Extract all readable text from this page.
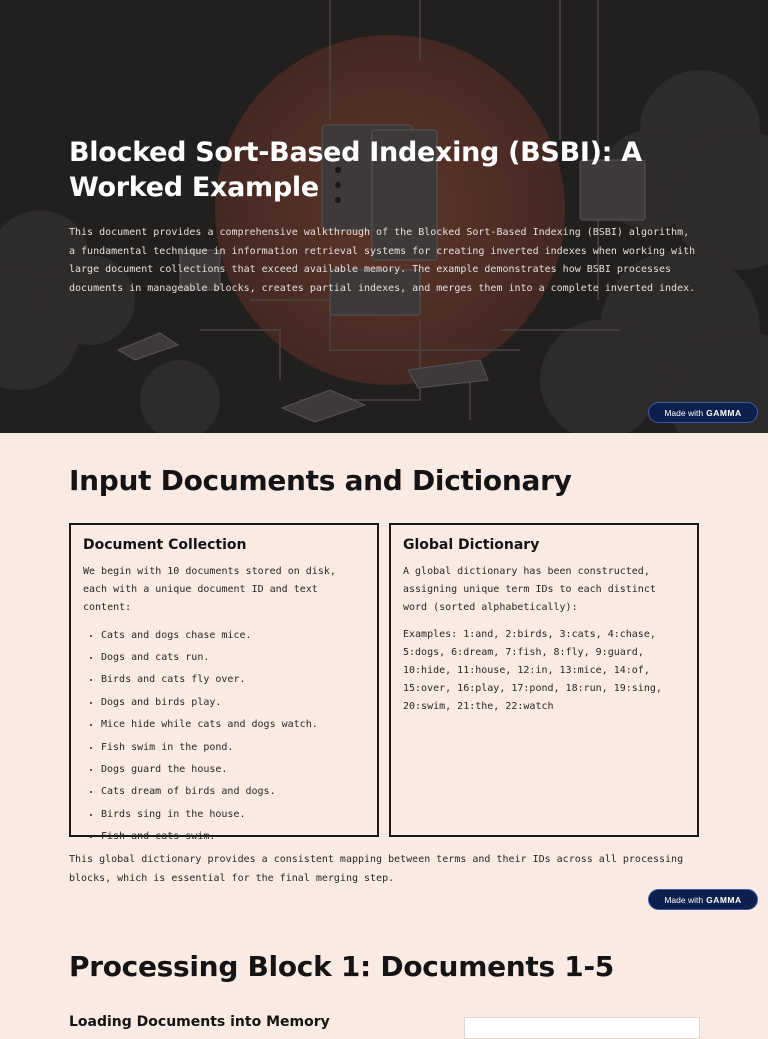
Blocked Sort-Based Indexing (BSBI): A Worked Example

This document provides a comprehensive walkthrough of the Blocked Sort-Based Indexing (BSBI) algorithm, a fundamental technique in information retrieval systems for creating inverted indexes when working with large document collections that exceed available memory. The example demonstrates how BSBI processes documents in manageable blocks, creates partial indexes, and merges them into a complete inverted index.

Made with GAMMA
Input Documents and Dictionary
Document Collection

We begin with 10 documents stored on disk, each with a unique document ID and text content:

• Cats and dogs chase mice.
• Dogs and cats run.
• Birds and cats fly over.
• Dogs and birds play.
• Mice hide while cats and dogs watch.
• Fish swim in the pond.
• Dogs guard the house.
• Cats dream of birds and dogs.
• Birds sing in the house.
• Fish and cats swim.
Global Dictionary

A global dictionary has been constructed, assigning unique term IDs to each distinct word (sorted alphabetically):

Examples: 1:and, 2:birds, 3:cats, 4:chase, 5:dogs, 6:dream, 7:fish, 8:fly, 9:guard, 10:hide, 11:house, 12:in, 13:mice, 14:of, 15:over, 16:play, 17:pond, 18:run, 19:sing, 20:swim, 21:the, 22:watch

This global dictionary provides a consistent mapping between terms and their IDs across all processing blocks, which is essential for the final merging step.

Made with GAMMA
Processing Block 1: Documents 1-5
Loading Documents into Memory
